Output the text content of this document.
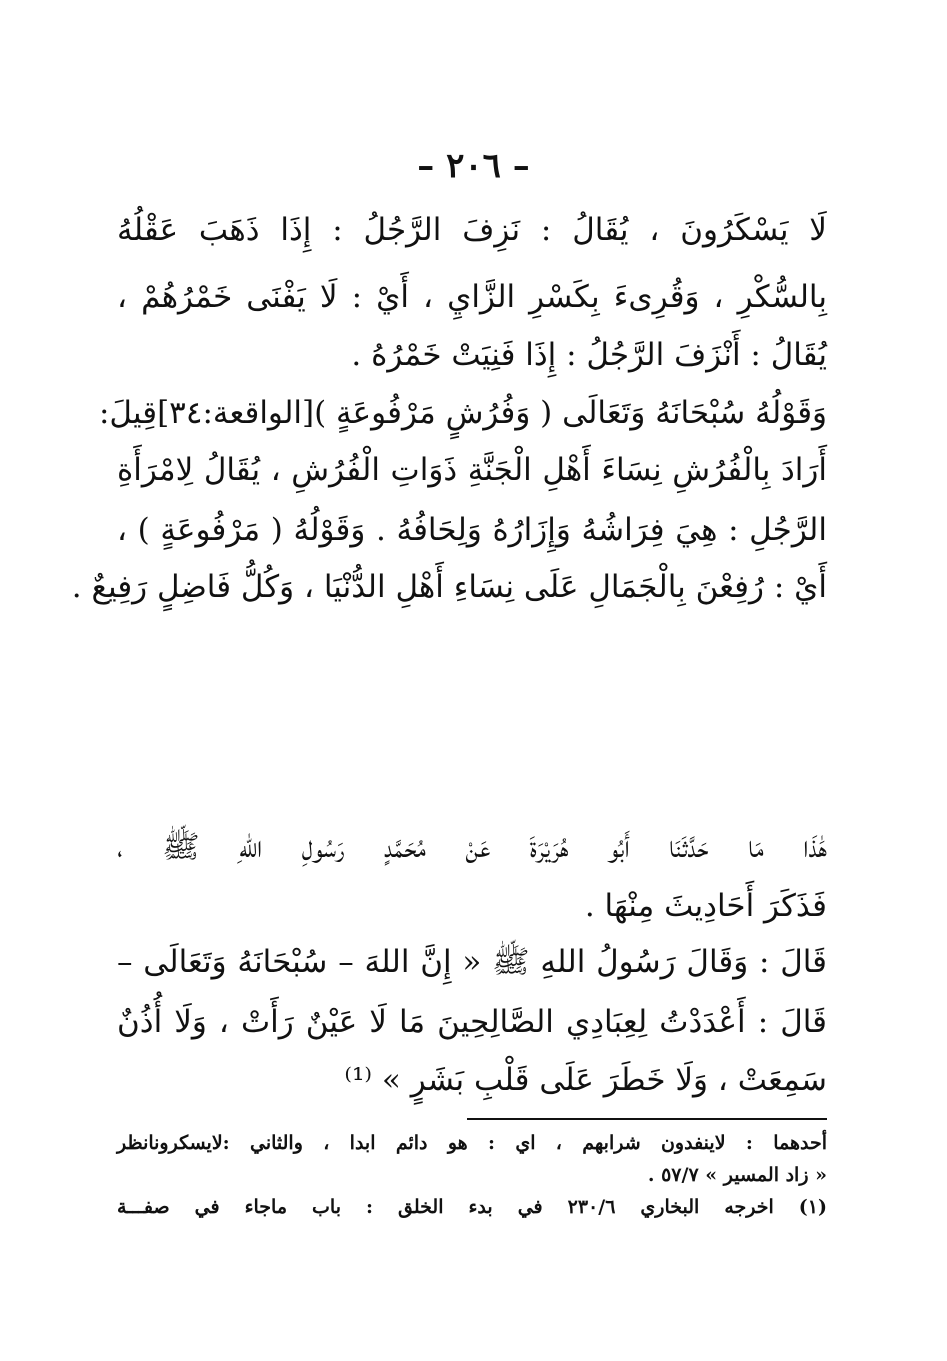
– ٢٠٦ –
لَا يَسْكَرُونَ ، يُقَالُ : نَزِفَ الرَّجُلُ : إِذَا ذَهَبَ عَقْلُهُ
بِالسُّكْرِ ، وَقُرِىءَ بِكَسْرِ الزَّايِ ، أَيْ : لَا يَفْنَى خَمْرُهُمْ ،
يُقَالُ : أَنْزَفَ الرَّجُلُ : إِذَا فَنِيَتْ خَمْرُهُ .
وَقَوْلُهُ سُبْحَانَهُ وَتَعَالَى ( وَفُرُشٍ مَرْفُوعَةٍ )[الواقعة:٣٤]قِيلَ:
أَرَادَ بِالْفُرُشِ نِسَاءَ أَهْلِ الْجَنَّةِ ذَوَاتِ الْفُرُشِ ، يُقَالُ لِامْرَأَةِ
الرَّجُلِ : هِيَ فِرَاشُهُ وَإِزَارُهُ وَلِحَافُهُ . وَقَوْلُهُ ( مَرْفُوعَةٍ ) ،
أَيْ : رُفِعْنَ بِالْجَمَالِ عَلَى نِسَاءِ أَهْلِ الدُّنْيَا ، وَكُلُّ فَاضِلٍ رَفِيعٌ .
هَٰذَا مَا حَدَّثَنَا أَبُو هُرَيْرَةَ عَنْ مُحَمَّدٍ رَسُولِ اللهِ ﷺ ،
فَذَكَرَ أَحَادِيثَ مِنْهَا .
قَالَ : وَقَالَ رَسُولُ اللهِ ﷺ « إِنَّ اللهَ – سُبْحَانَهُ وَتَعَالَى –
قَالَ : أَعْدَدْتُ لِعِبَادِي الصَّالِحِينَ مَا لَا عَيْنٌ رَأَتْ ، وَلَا أُذُنٌ
سَمِعَتْ ، وَلَا خَطَرَ عَلَى قَلْبِ بَشَرٍ » ⁽¹⁾
أحدهما : لاينفدون شرابهم ، اي : هو دائم ابدا ، والثاني :لايسكرونانظر
« زاد المسير » ٥٧/٧ .
(١) اخرجه البخاري ٢٣٠/٦ في بدء الخلق : باب ماجاء في صفـــة
